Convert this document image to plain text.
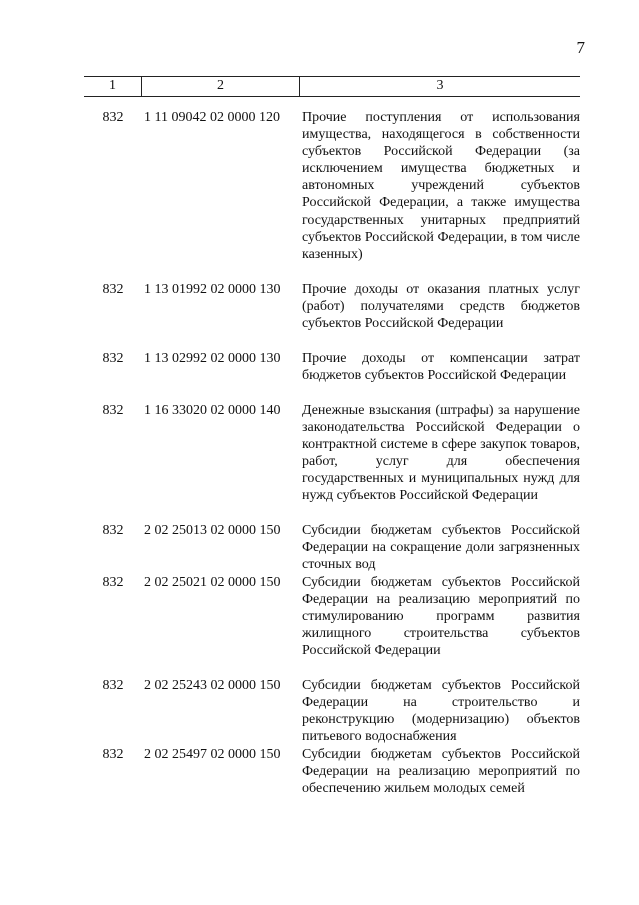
7
1	2	3
832	1 11 09042 02 0000 120	Прочие поступления от использования имущества, находящегося в собственности субъектов Российской Федерации (за исключением имущества бюджетных и автономных учреждений субъектов Российской Федерации, а также имущества государственных унитарных предприятий субъектов Российской Федерации, в том числе казенных)
832	1 13 01992 02 0000 130	Прочие доходы от оказания платных услуг (работ) получателями средств бюджетов субъектов Российской Федерации
832	1 13 02992 02 0000 130	Прочие доходы от компенсации затрат бюджетов субъектов Российской Федерации
832	1 16 33020 02 0000 140	Денежные взыскания (штрафы) за нарушение законодательства Российской Федерации о контрактной системе в сфере закупок товаров, работ, услуг для обеспечения государственных и муниципальных нужд для нужд субъектов Российской Федерации
832	2 02 25013 02 0000 150	Субсидии бюджетам субъектов Российской Федерации на сокращение доли загрязненных сточных вод
832	2 02 25021 02 0000 150	Субсидии бюджетам субъектов Российской Федерации на реализацию мероприятий по стимулированию программ развития жилищного строительства субъектов Российской Федерации
832	2 02 25243 02 0000 150	Субсидии бюджетам субъектов Российской Федерации на строительство и реконструкцию (модернизацию) объектов питьевого водоснабжения
832	2 02 25497 02 0000 150	Субсидии бюджетам субъектов Российской Федерации на реализацию мероприятий по обеспечению жильем молодых семей
